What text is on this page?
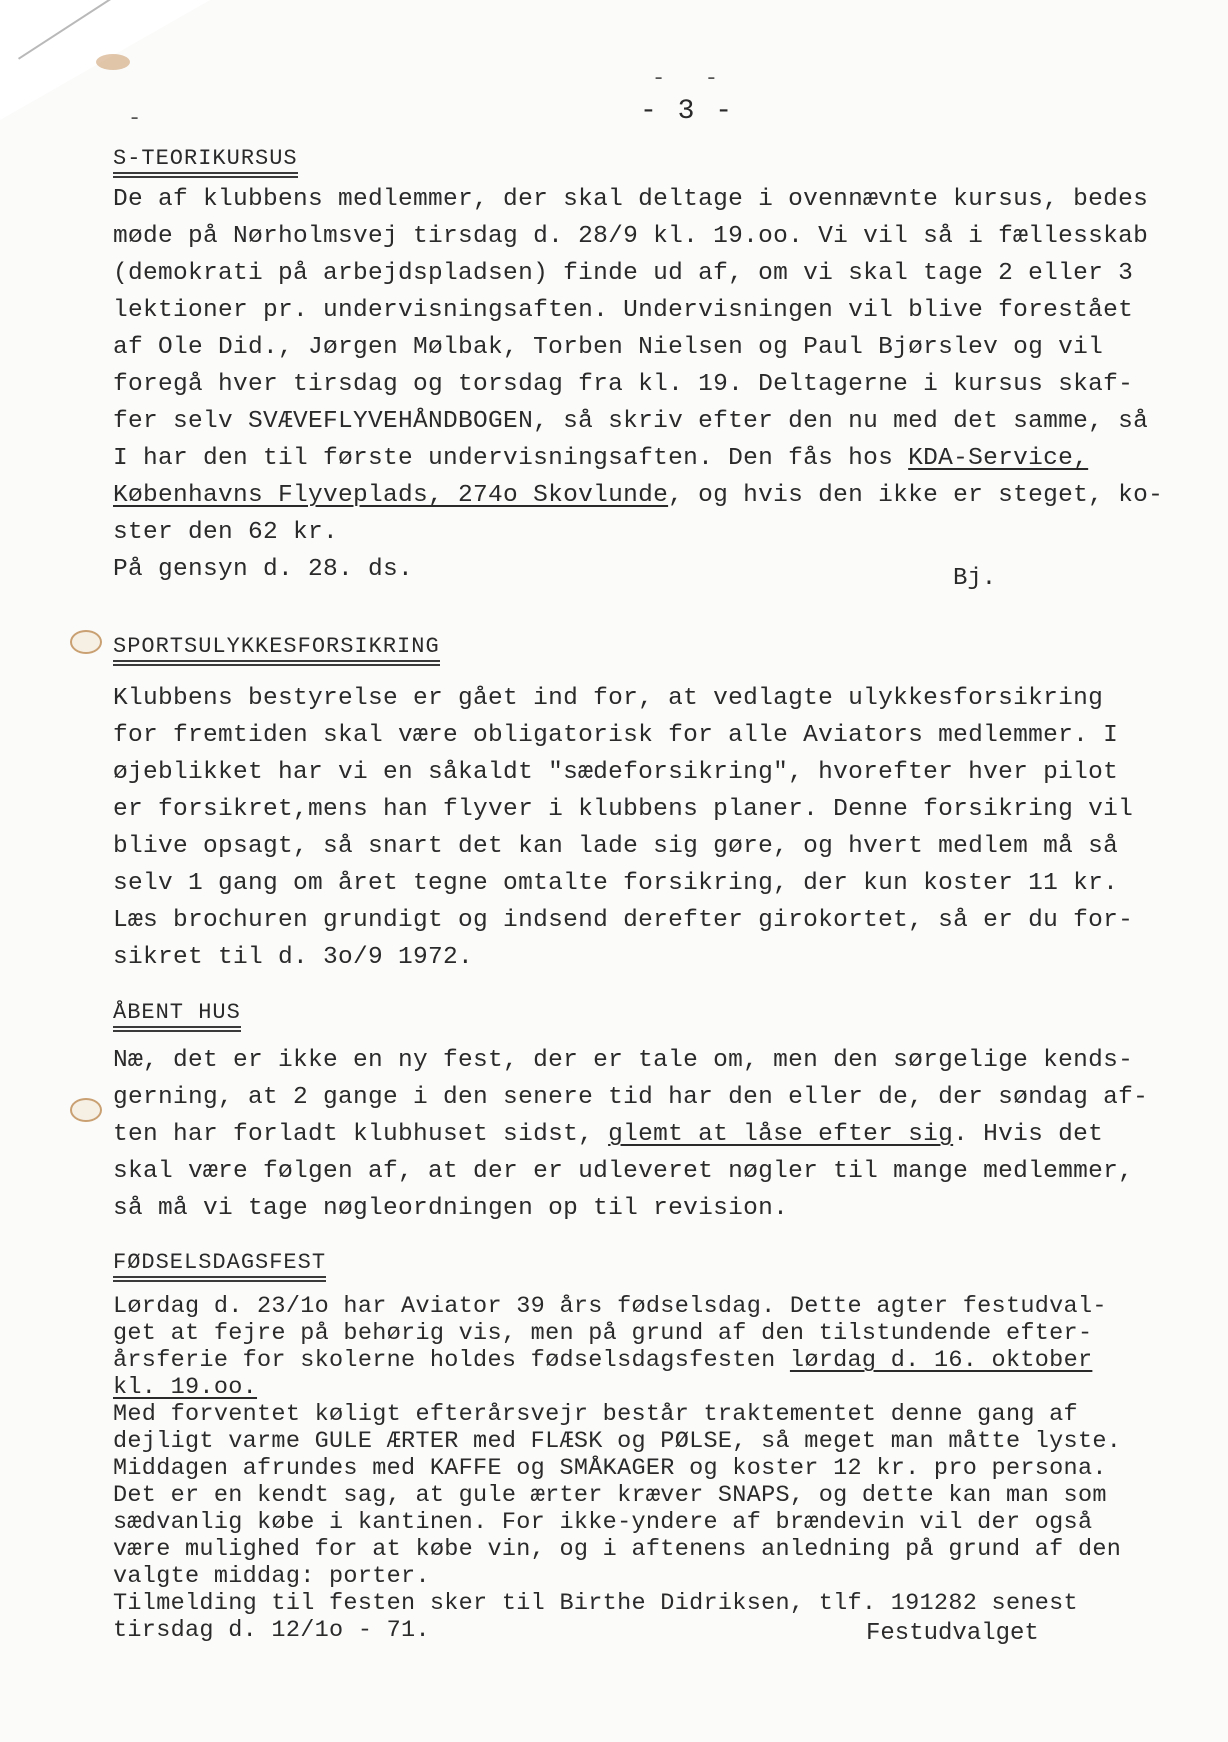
-   -
-	- 3 -
S-TEORIKURSUS
De af klubbens medlemmer, der skal deltage i ovennævnte kursus, bedes
møde på Nørholmsvej tirsdag d. 28/9 kl. 19.oo. Vi vil så i fællesskab
(demokrati på arbejdspladsen) finde ud af, om vi skal tage 2 eller 3
lektioner pr. undervisningsaften. Undervisningen vil blive forestået
af Ole Did., Jørgen Mølbak, Torben Nielsen og Paul Bjørslev og vil
foregå hver tirsdag og torsdag fra kl. 19. Deltagerne i kursus skaf-
fer selv SVÆVEFLYVEHÅNDBOGEN, så skriv efter den nu med det samme, så
I har den til første undervisningsaften. Den fås hos KDA-Service,
Københavns Flyveplads, 274o Skovlunde, og hvis den ikke er steget, ko-
ster den 62 kr.
På gensyn d. 28. ds.	Bj.
SPORTSULYKKESFORSIKRING
Klubbens bestyrelse er gået ind for, at vedlagte ulykkesforsikring
for fremtiden skal være obligatorisk for alle Aviators medlemmer. I
øjeblikket har vi en såkaldt "sædeforsikring", hvorefter hver pilot
er forsikret,mens han flyver i klubbens planer. Denne forsikring vil
blive opsagt, så snart det kan lade sig gøre, og hvert medlem må så
selv 1 gang om året tegne omtalte forsikring, der kun koster 11 kr.
Læs brochuren grundigt og indsend derefter girokortet, så er du for-
sikret til d. 3o/9 1972.
ÅBENT HUS
Næ, det er ikke en ny fest, der er tale om, men den sørgelige kends-
gerning, at 2 gange i den senere tid har den eller de, der søndag af-
ten har forladt klubhuset sidst, glemt at låse efter sig. Hvis det
skal være følgen af, at der er udleveret nøgler til mange medlemmer,
så må vi tage nøgleordningen op til revision.
FØDSELSDAGSFEST
Lørdag d. 23/1o har Aviator 39 års fødselsdag. Dette agter festudval-
get at fejre på behørig vis, men på grund af den tilstundende efter-
årsferie for skolerne holdes fødselsdagsfesten lørdag d. 16. oktober
kl. 19.oo.
Med forventet køligt efterårsvejr består traktementet denne gang af
dejligt varme GULE ÆRTER med FLÆSK og PØLSE, så meget man måtte lyste.
Middagen afrundes med KAFFE og SMÅKAGER og koster 12 kr. pro persona.
Det er en kendt sag, at gule ærter kræver SNAPS, og dette kan man som
sædvanlig købe i kantinen. For ikke-yndere af brændevin vil der også
være mulighed for at købe vin, og i aftenens anledning på grund af den
valgte middag: porter.
Tilmelding til festen sker til Birthe Didriksen, tlf. 191282 senest
tirsdag d. 12/1o - 71.	Festudvalget
